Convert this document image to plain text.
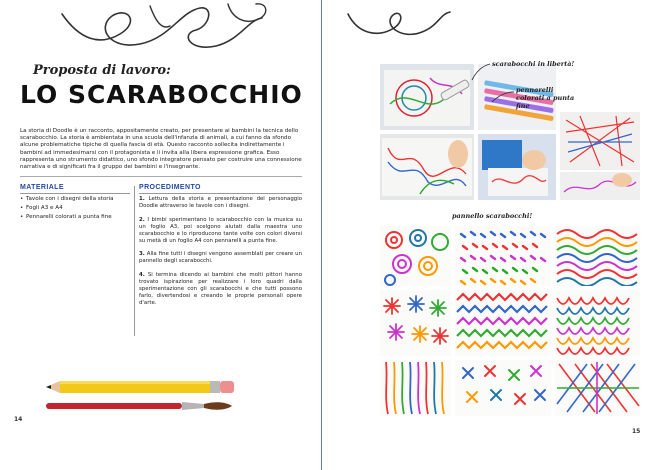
Proposta di lavoro:
LO SCARABOCCHIO
La storia di Doodle è un racconto, appositamente creato, per presentare ai bambini la tecnica dello scarabocchio. La storia è ambientata in una scuola dell'infanzia di animali, a cui fanno da sfondo alcune problematiche tipiche di quella fascia di età. Questo racconto sollecita indirettamente i bambini ad immedesimarsi con il protagonista e li invita alla libera espressione grafica. Esso rappresenta uno strumento didattico, uno sfondo integratore pensato per costruire una connessione narrativa e di significati fra il gruppo dei bambini e l'insegnante.
MATERIALE
• Tavole con i disegni della storia
• Fogli A3 e A4
• Pennarelli colorati a punta fine
PROCEDIMENTO

1. Lettura della storia e presentazione del personaggio Doodle attraverso le tavole con i disegni.

2. I bimbi sperimentano lo scarabocchio con la musica su un foglio A3, poi scelgono aiutati dalla maestra uno scarabocchio e lo riproducono tante volte con colori diversi su metà di un foglio A4 con pennarelli a punta fine.

3. Alla fine tutti i disegni vengono assemblati per creare un pannello degli scarabocchi.

4. Si termina dicendo ai bambini che molti pittori hanno trovato ispirazione per realizzare i loro quadri dalla sperimentazione con gli scarabocchi e che tutti possono farlo, divertendosi e creando le proprie personali opere d'arte.

14
scarabocchi in libertà!
pennarelli colorati a punta fine
pannello scarabocchi!
15
